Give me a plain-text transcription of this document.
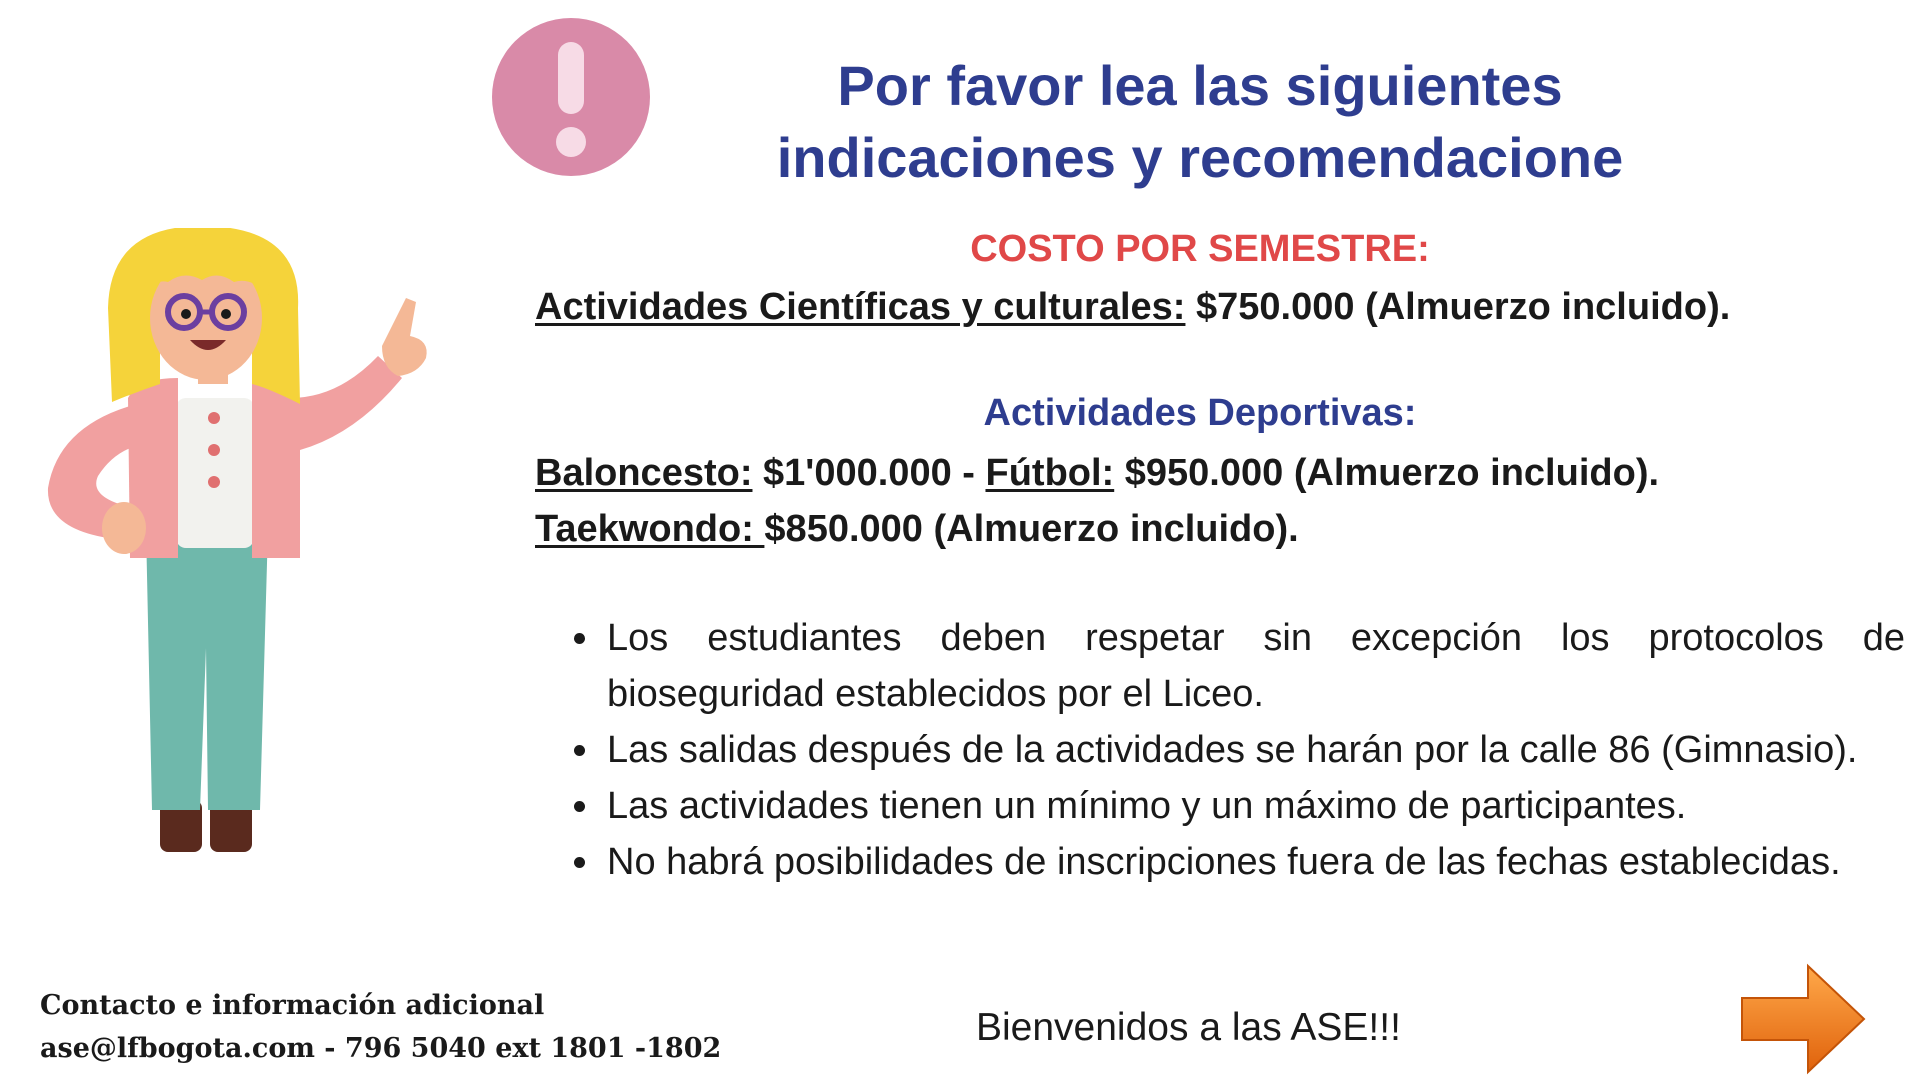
Por favor lea las siguientes
indicaciones y recomendacione

COSTO POR SEMESTRE:

Actividades Científicas y culturales: $750.000 (Almuerzo incluido).

Actividades Deportivas:

Baloncesto: $1'000.000 - Fútbol: $950.000 (Almuerzo incluido).

Taekwondo: $850.000 (Almuerzo incluido).

• Los estudiantes deben respetar sin excepción los protocolos de bioseguridad establecidos por el Liceo.
• Las salidas después de la actividades se harán por la calle 86 (Gimnasio).
• Las actividades tienen un mínimo y un máximo de participantes.
• No habrá posibilidades de inscripciones fuera de las fechas establecidas.
Contacto e información adicional
ase@lfbogota.com - 796 5040 ext 1801 -1802	Bienvenidos a las ASE!!!
